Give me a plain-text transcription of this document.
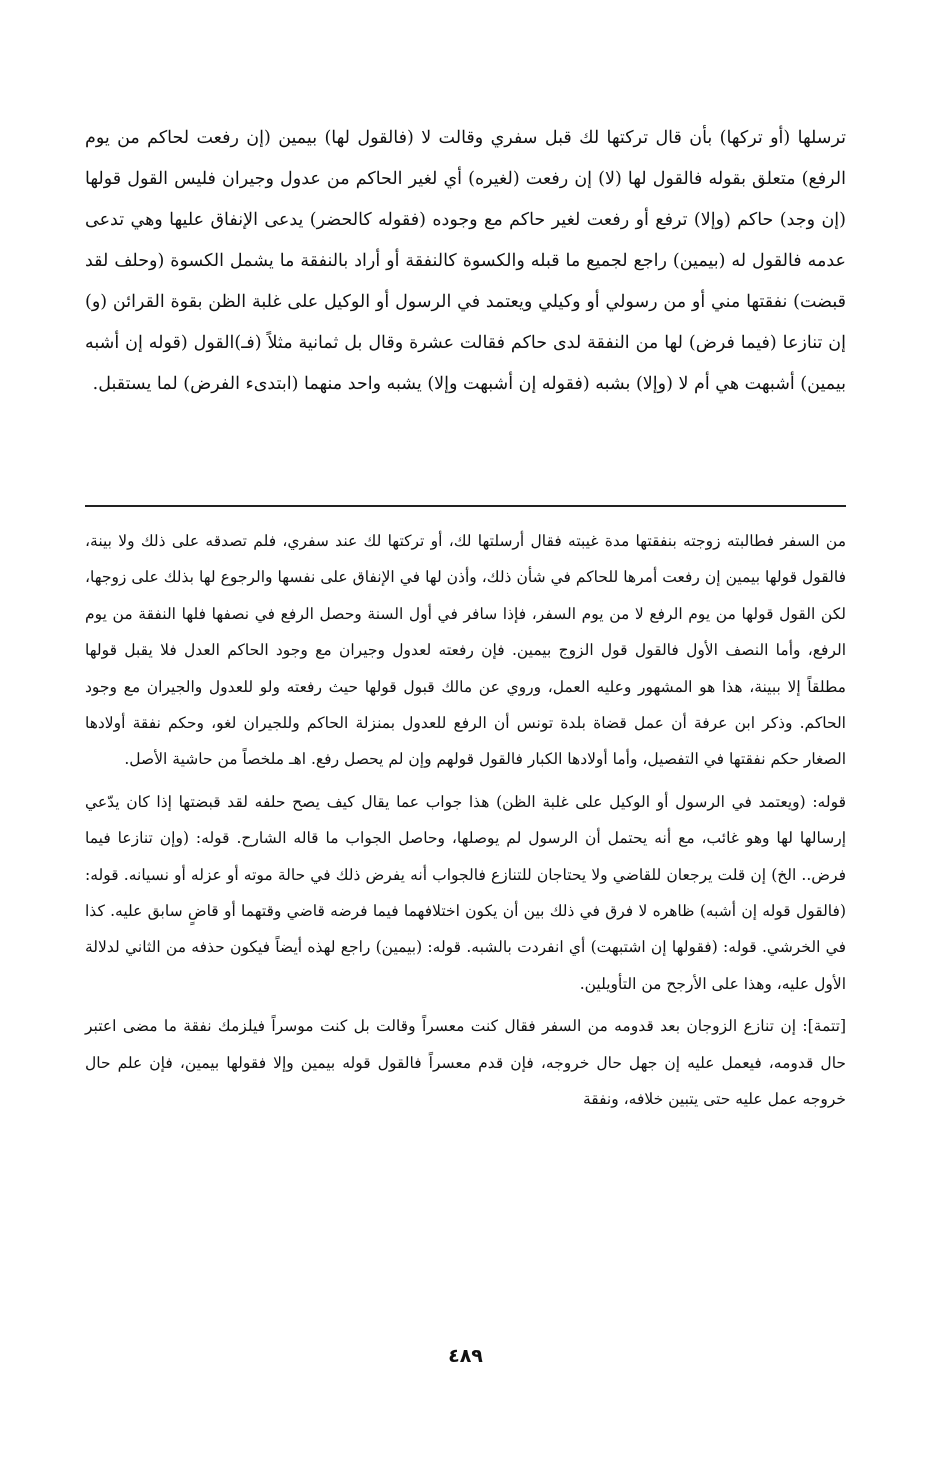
ترسلها (أو تركها) بأن قال تركتها لك قبل سفري وقالت لا (فالقول لها) بيمين (إن رفعت لحاكم من يوم الرفع) متعلق بقوله فالقول لها (لا) إن رفعت (لغيره) أي لغير الحاكم من عدول وجيران فليس القول قولها (إن وجد) حاكم (وإلا) ترفع أو رفعت لغير حاكم مع وجوده (فقوله كالحضر) يدعى الإنفاق عليها وهي تدعى عدمه فالقول له (بيمين) راجع لجميع ما قبله والكسوة كالنفقة أو أراد بالنفقة ما يشمل الكسوة (وحلف لقد قبضت) نفقتها مني أو من رسولي أو وكيلي ويعتمد في الرسول أو الوكيل على غلبة الظن بقوة القرائن (و) إن تنازعا (فيما فرض) لها من النفقة لدى حاكم فقالت عشرة وقال بل ثمانية مثلاً (فـ)القول (قوله إن أشبه بيمين) أشبهت هي أم لا (وإلا) بشبه (فقوله إن أشبهت وإلا) يشبه واحد منهما (ابتدىء الفرض) لما يستقبل.

من السفر فطالبته زوجته بنفقتها مدة غيبته فقال أرسلتها لك، أو تركتها لك عند سفري، فلم تصدقه على ذلك ولا بينة، فالقول قولها بيمين إن رفعت أمرها للحاكم في شأن ذلك، وأذن لها في الإنفاق على نفسها والرجوع لها بذلك على زوجها، لكن القول قولها من يوم الرفع لا من يوم السفر، فإذا سافر في أول السنة وحصل الرفع في نصفها فلها النفقة من يوم الرفع، وأما النصف الأول فالقول قول الزوج بيمين. فإن رفعته لعدول وجيران مع وجود الحاكم العدل فلا يقبل قولها مطلقاً إلا ببينة، هذا هو المشهور وعليه العمل، وروي عن مالك قبول قولها حيث رفعته ولو للعدول والجيران مع وجود الحاكم. وذكر ابن عرفة أن عمل قضاة بلدة تونس أن الرفع للعدول بمنزلة الحاكم وللجيران لغو، وحكم نفقة أولادها الصغار حكم نفقتها في التفصيل، وأما أولادها الكبار فالقول قولهم وإن لم يحصل رفع. اهـ ملخصاً من حاشية الأصل.

قوله: (ويعتمد في الرسول أو الوكيل على غلبة الظن) هذا جواب عما يقال كيف يصح حلفه لقد قبضتها إذا كان يدّعي إرسالها لها وهو غائب، مع أنه يحتمل أن الرسول لم يوصلها، وحاصل الجواب ما قاله الشارح. قوله: (وإن تنازعا فيما فرض.. الخ) إن قلت يرجعان للقاضي ولا يحتاجان للتنازع فالجواب أنه يفرض ذلك في حالة موته أو عزله أو نسيانه. قوله: (فالقول قوله إن أشبه) ظاهره لا فرق في ذلك بين أن يكون اختلافهما فيما فرضه قاضي وقتهما أو قاضٍ سابق عليه. كذا في الخرشي. قوله: (فقولها إن اشتبهت) أي انفردت بالشبه. قوله: (بيمين) راجع لهذه أيضاً فيكون حذفه من الثاني لدلالة الأول عليه، وهذا على الأرجح من التأويلين.

[تتمة]: إن تنازع الزوجان بعد قدومه من السفر فقال كنت معسراً وقالت بل كنت موسراً فيلزمك نفقة ما مضى اعتبر حال قدومه، فيعمل عليه إن جهل حال خروجه، فإن قدم معسراً فالقول قوله بيمين وإلا فقولها بيمين، فإن علم حال خروجه عمل عليه حتى يتبين خلافه، ونفقة

٤٨٩
